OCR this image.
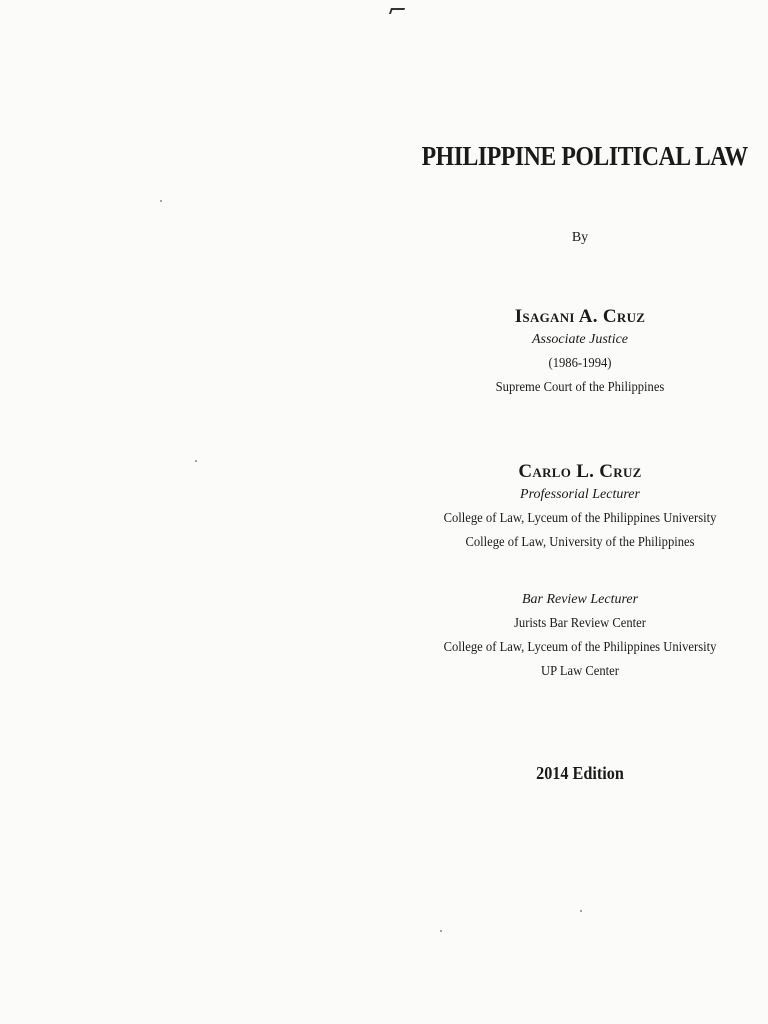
PHILIPPINE POLITICAL LAW
By
Isagani A. Cruz
Associate Justice
(1986-1994)
Supreme Court of the Philippines
Carlo L. Cruz
Professorial Lecturer
College of Law, Lyceum of the Philippines University
College of Law, University of the Philippines
Bar Review Lecturer
Jurists Bar Review Center
College of Law, Lyceum of the Philippines University
UP Law Center
2014 Edition
